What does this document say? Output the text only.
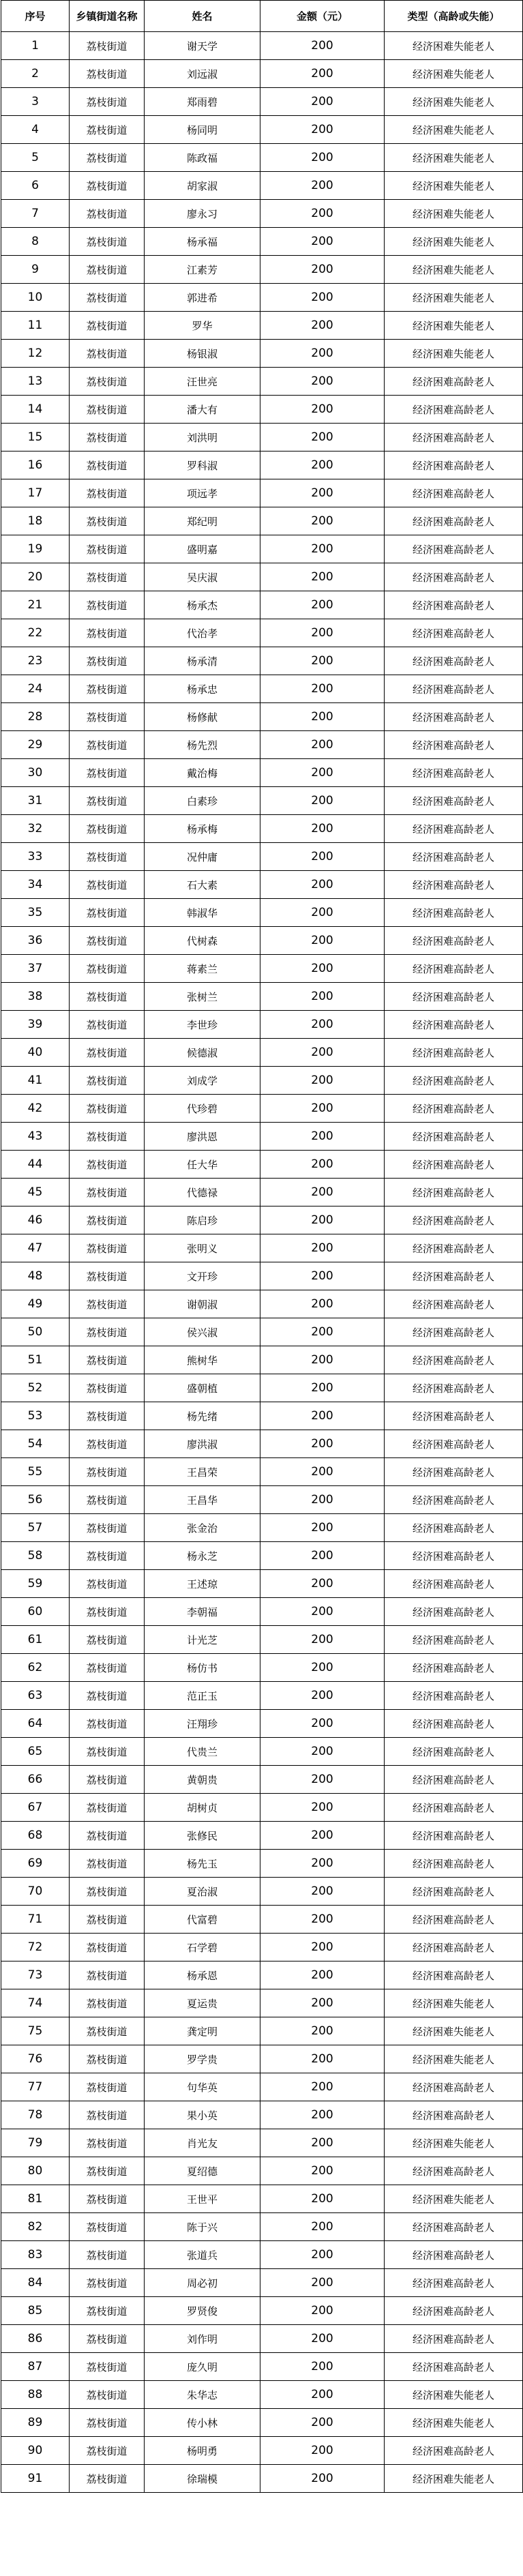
序号	乡镇街道名称	姓名	金额（元）	类型（高龄或失能）
1	荔枝街道	谢天学	200	经济困难失能老人
2	荔枝街道	刘远淑	200	经济困难失能老人
3	荔枝街道	郑雨碧	200	经济困难失能老人
4	荔枝街道	杨同明	200	经济困难失能老人
5	荔枝街道	陈政福	200	经济困难失能老人
6	荔枝街道	胡家淑	200	经济困难失能老人
7	荔枝街道	廖永习	200	经济困难失能老人
8	荔枝街道	杨承福	200	经济困难失能老人
9	荔枝街道	江素芳	200	经济困难失能老人
10	荔枝街道	郭进希	200	经济困难失能老人
11	荔枝街道	罗华	200	经济困难失能老人
12	荔枝街道	杨银淑	200	经济困难失能老人
13	荔枝街道	汪世亮	200	经济困难高龄老人
14	荔枝街道	潘大有	200	经济困难高龄老人
15	荔枝街道	刘洪明	200	经济困难高龄老人
16	荔枝街道	罗科淑	200	经济困难高龄老人
17	荔枝街道	项远孝	200	经济困难高龄老人
18	荔枝街道	郑纪明	200	经济困难高龄老人
19	荔枝街道	盛明嘉	200	经济困难高龄老人
20	荔枝街道	吴庆淑	200	经济困难高龄老人
21	荔枝街道	杨承杰	200	经济困难高龄老人
22	荔枝街道	代治孝	200	经济困难高龄老人
23	荔枝街道	杨承清	200	经济困难高龄老人
24	荔枝街道	杨承忠	200	经济困难高龄老人
28	荔枝街道	杨修献	200	经济困难高龄老人
29	荔枝街道	杨先烈	200	经济困难高龄老人
30	荔枝街道	戴治梅	200	经济困难高龄老人
31	荔枝街道	白素珍	200	经济困难高龄老人
32	荔枝街道	杨承梅	200	经济困难高龄老人
33	荔枝街道	况仲庸	200	经济困难高龄老人
34	荔枝街道	石大素	200	经济困难高龄老人
35	荔枝街道	韩淑华	200	经济困难高龄老人
36	荔枝街道	代树森	200	经济困难高龄老人
37	荔枝街道	蒋素兰	200	经济困难高龄老人
38	荔枝街道	张树兰	200	经济困难高龄老人
39	荔枝街道	李世珍	200	经济困难高龄老人
40	荔枝街道	候德淑	200	经济困难高龄老人
41	荔枝街道	刘成学	200	经济困难高龄老人
42	荔枝街道	代珍碧	200	经济困难高龄老人
43	荔枝街道	廖洪恩	200	经济困难高龄老人
44	荔枝街道	任大华	200	经济困难高龄老人
45	荔枝街道	代德禄	200	经济困难高龄老人
46	荔枝街道	陈启珍	200	经济困难高龄老人
47	荔枝街道	张明义	200	经济困难高龄老人
48	荔枝街道	文开珍	200	经济困难高龄老人
49	荔枝街道	谢朝淑	200	经济困难高龄老人
50	荔枝街道	侯兴淑	200	经济困难高龄老人
51	荔枝街道	熊树华	200	经济困难高龄老人
52	荔枝街道	盛朝植	200	经济困难高龄老人
53	荔枝街道	杨先绪	200	经济困难高龄老人
54	荔枝街道	廖洪淑	200	经济困难高龄老人
55	荔枝街道	王昌荣	200	经济困难高龄老人
56	荔枝街道	王昌华	200	经济困难高龄老人
57	荔枝街道	张金治	200	经济困难高龄老人
58	荔枝街道	杨永芝	200	经济困难高龄老人
59	荔枝街道	王述琼	200	经济困难高龄老人
60	荔枝街道	李朝福	200	经济困难高龄老人
61	荔枝街道	计光芝	200	经济困难高龄老人
62	荔枝街道	杨仿书	200	经济困难高龄老人
63	荔枝街道	范正玉	200	经济困难高龄老人
64	荔枝街道	汪翔珍	200	经济困难高龄老人
65	荔枝街道	代贵兰	200	经济困难高龄老人
66	荔枝街道	黄朝贵	200	经济困难高龄老人
67	荔枝街道	胡树贞	200	经济困难高龄老人
68	荔枝街道	张修民	200	经济困难高龄老人
69	荔枝街道	杨先玉	200	经济困难高龄老人
70	荔枝街道	夏治淑	200	经济困难高龄老人
71	荔枝街道	代富碧	200	经济困难高龄老人
72	荔枝街道	石学碧	200	经济困难高龄老人
73	荔枝街道	杨承恩	200	经济困难高龄老人
74	荔枝街道	夏运贵	200	经济困难失能老人
75	荔枝街道	龚定明	200	经济困难失能老人
76	荔枝街道	罗学贵	200	经济困难失能老人
77	荔枝街道	句华英	200	经济困难高龄老人
78	荔枝街道	果小英	200	经济困难高龄老人
79	荔枝街道	肖光友	200	经济困难失能老人
80	荔枝街道	夏绍德	200	经济困难高龄老人
81	荔枝街道	王世平	200	经济困难失能老人
82	荔枝街道	陈于兴	200	经济困难高龄老人
83	荔枝街道	张道兵	200	经济困难高龄老人
84	荔枝街道	周必初	200	经济困难高龄老人
85	荔枝街道	罗贤俊	200	经济困难高龄老人
86	荔枝街道	刘作明	200	经济困难高龄老人
87	荔枝街道	庞久明	200	经济困难高龄老人
88	荔枝街道	朱华志	200	经济困难失能老人
89	荔枝街道	传小林	200	经济困难失能老人
90	荔枝街道	杨明勇	200	经济困难高龄老人
91	荔枝街道	徐瑞模	200	经济困难失能老人
